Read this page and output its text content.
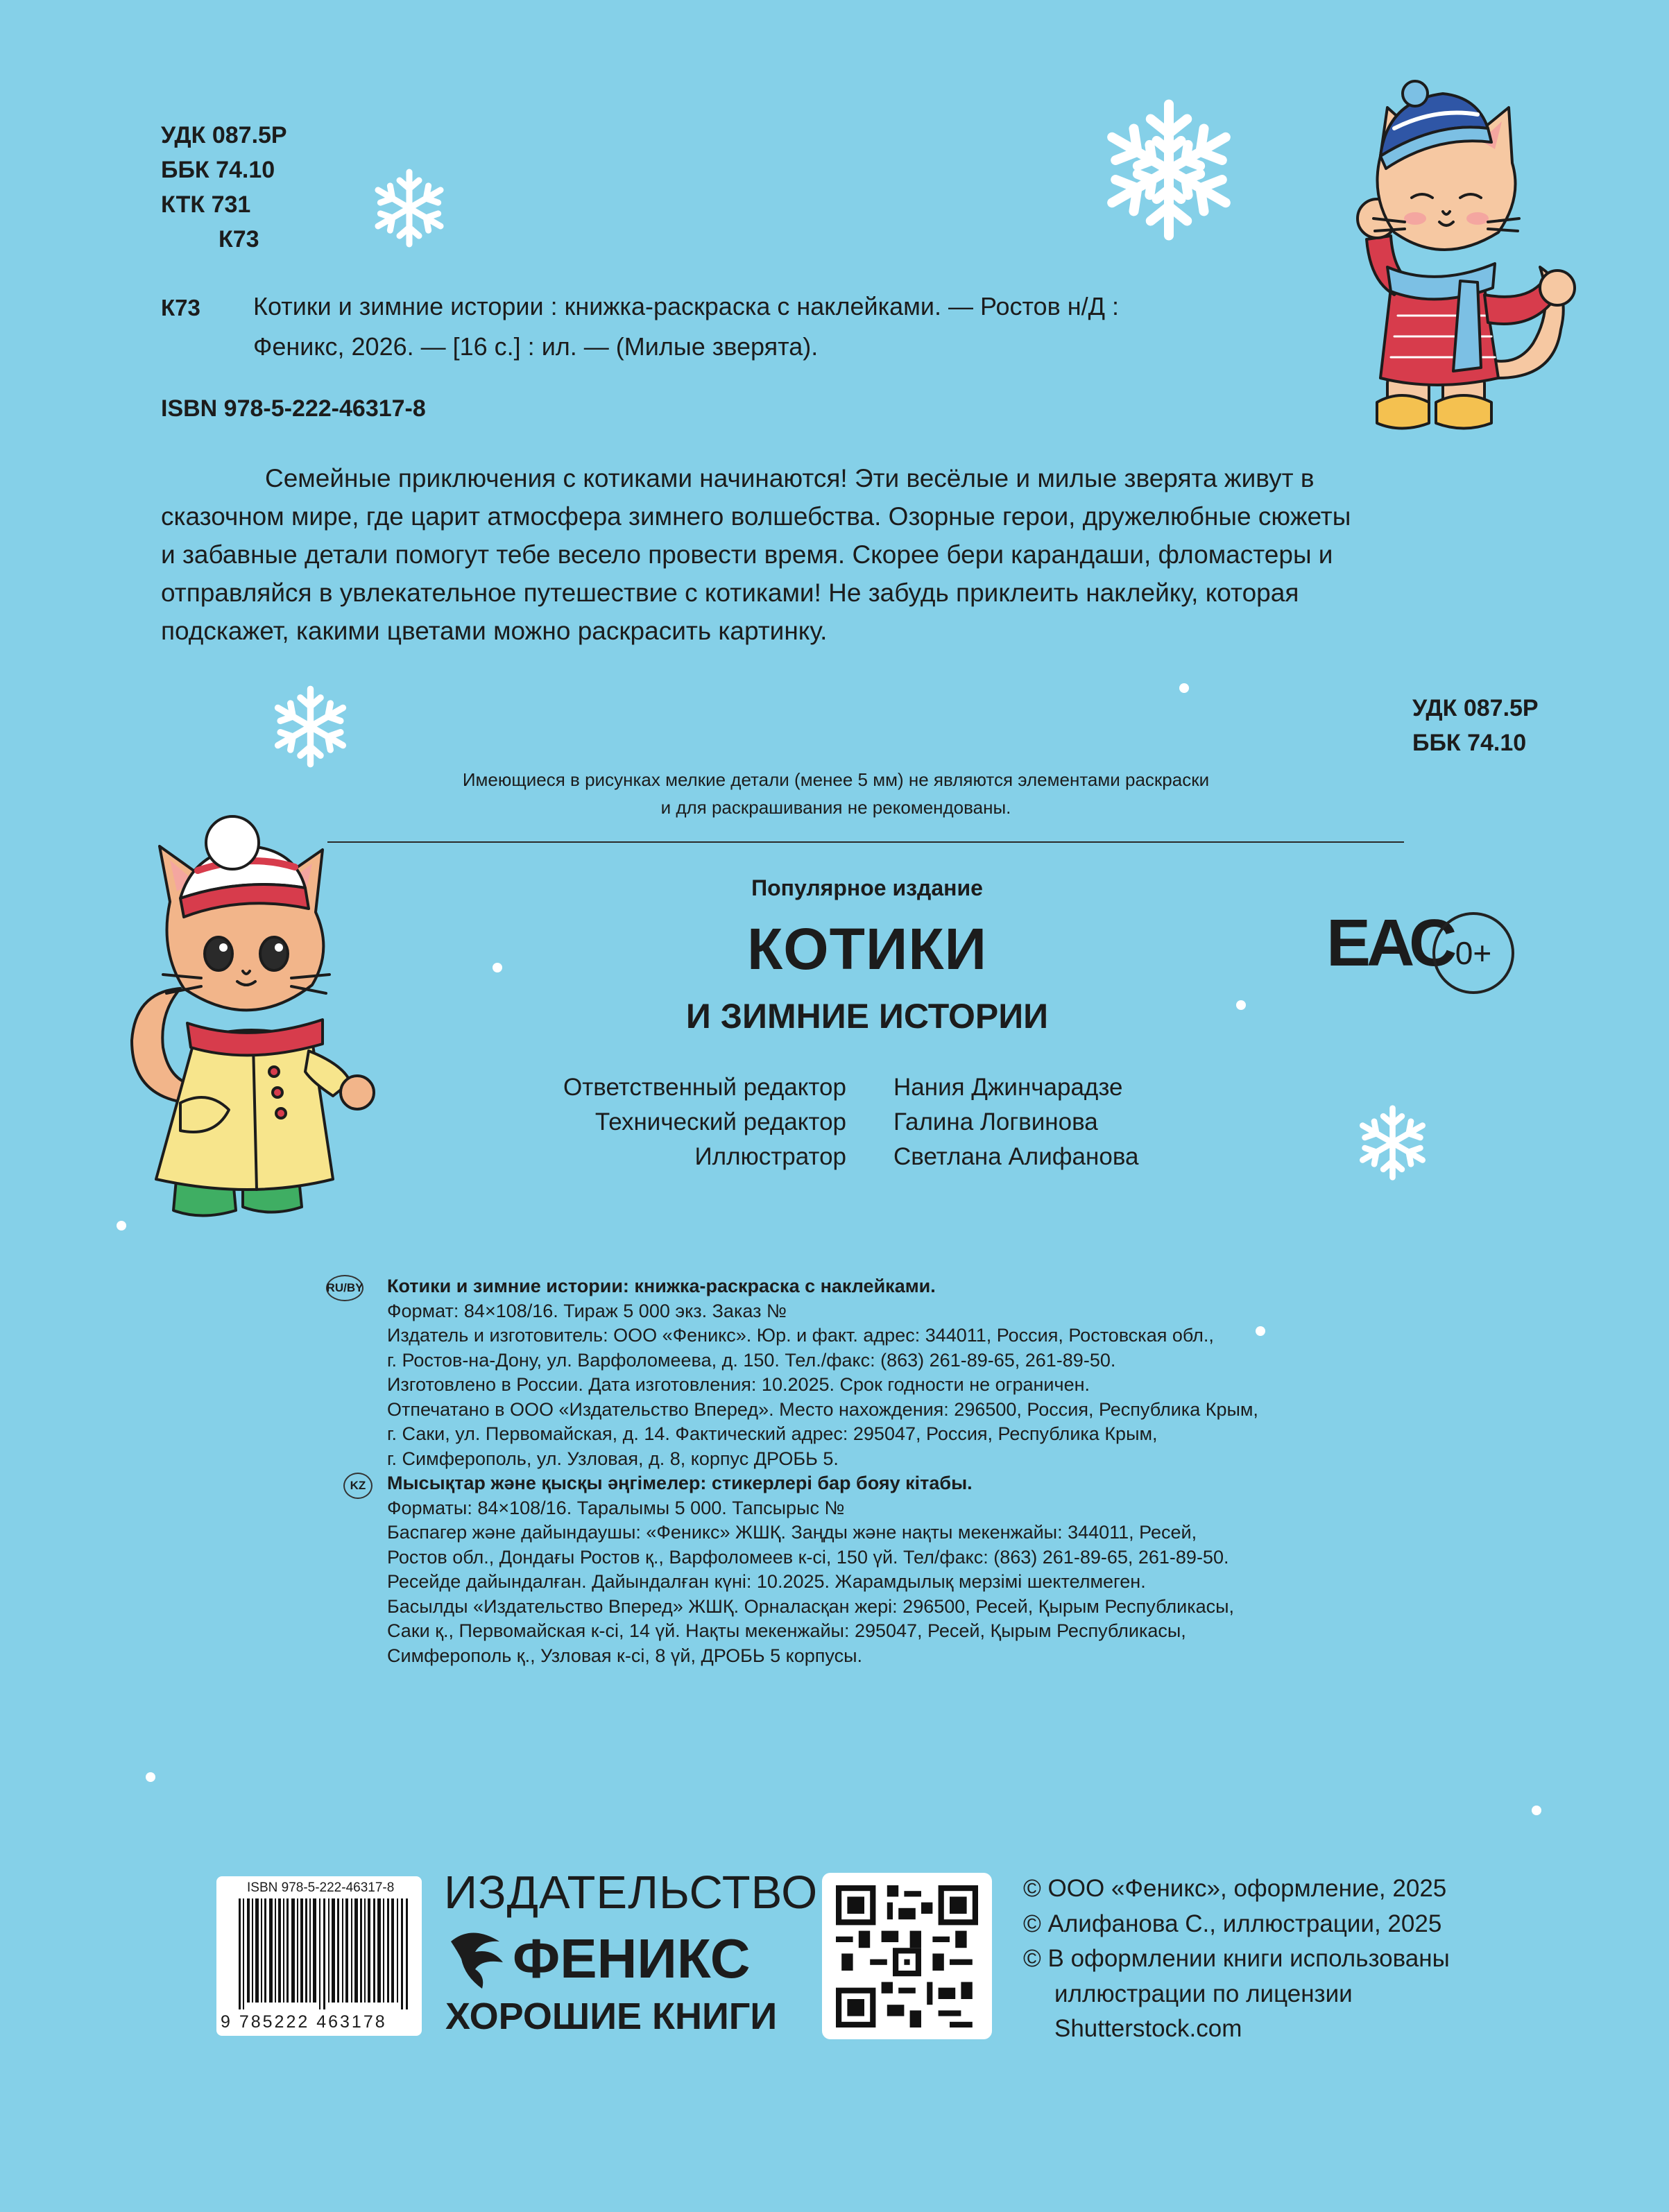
УДК 087.5Р
ББК 74.10
КТК 731
К73
К73 Котики и зимние истории : книжка-раскраска с наклейками. — Ростов н/Д :
Феникс, 2026. — [16 с.] : ил. — (Милые зверята).
ISBN 978-5-222-46317-8
Семейные приключения с котиками начинаются! Эти весёлые и милые зверята живут в
сказочном мире, где царит атмосфера зимнего волшебства. Озорные герои, дружелюбные сюжеты
и забавные детали помогут тебе весело провести время. Скорее бери карандаши, фломастеры и
отправляйся в увлекательное путешествие с котиками! Не забудь приклеить наклейку, которая
подскажет, какими цветами можно раскрасить картинку.
УДК 087.5Р
ББК 74.10
Имеющиеся в рисунках мелкие детали (менее 5 мм) не являются элементами раскраски
и для раскрашивания не рекомендованы.
Популярное издание
КОТИКИ
И ЗИМНИЕ ИСТОРИИ
Ответственный редактор Нания Джинчарадзе
Технический редактор Галина Логвинова
Иллюстратор Светлана Алифанова
ЕАС 0+
RU/BY Котики и зимние истории: книжка-раскраска с наклейками.
Формат: 84×108/16. Тираж 5 000 экз. Заказ №
Издатель и изготовитель: ООО «Феникс». Юр. и факт. адрес: 344011, Россия, Ростовская обл.,
г. Ростов-на-Дону, ул. Варфоломеева, д. 150. Тел./факс: (863) 261-89-65, 261-89-50.
Изготовлено в России. Дата изготовления: 10.2025. Срок годности не ограничен.
Отпечатано в ООО «Издательство Вперед». Место нахождения: 296500, Россия, Республика Крым,
г. Саки, ул. Первомайская, д. 14. Фактический адрес: 295047, Россия, Республика Крым,
г. Симферополь, ул. Узловая, д. 8, корпус ДРОБЬ 5.
KZ	Мысықтар және қысқы әңгімелер: стикерлері бар бояу кітабы.
Форматы: 84×108/16. Таралымы 5 000. Тапсырыс №
Баспагер және дайындаушы: «Феникс» ЖШҚ. Заңды және нақты мекенжайы: 344011, Ресей,
Ростов обл., Дондағы Ростов қ., Варфоломеев к-сі, 150 үй. Тел/факс: (863) 261-89-65, 261-89-50.
Ресейде дайындалған. Дайындалған күні: 10.2025. Жарамдылық мерзімі шектелмеген.
Басылды «Издательство Вперед» ЖШҚ. Орналасқан жері: 296500, Ресей, Қырым Республикасы,
Саки қ., Первомайская к-сі, 14 үй. Нақты мекенжайы: 295047, Ресей, Қырым Республикасы,
Симферополь қ., Узловая к-сі, 8 үй, ДРОБЬ 5 корпусы.
ISBN 978-5-222-46317-8
9 785222 463178
ИЗДАТЕЛЬСТВО
ФЕНИКС
ХОРОШИЕ КНИГИ
© ООО «Феникс», оформление, 2025
© Алифанова С., иллюстрации, 2025
© В оформлении книги использованы
иллюстрации по лицензии
Shutterstock.com
